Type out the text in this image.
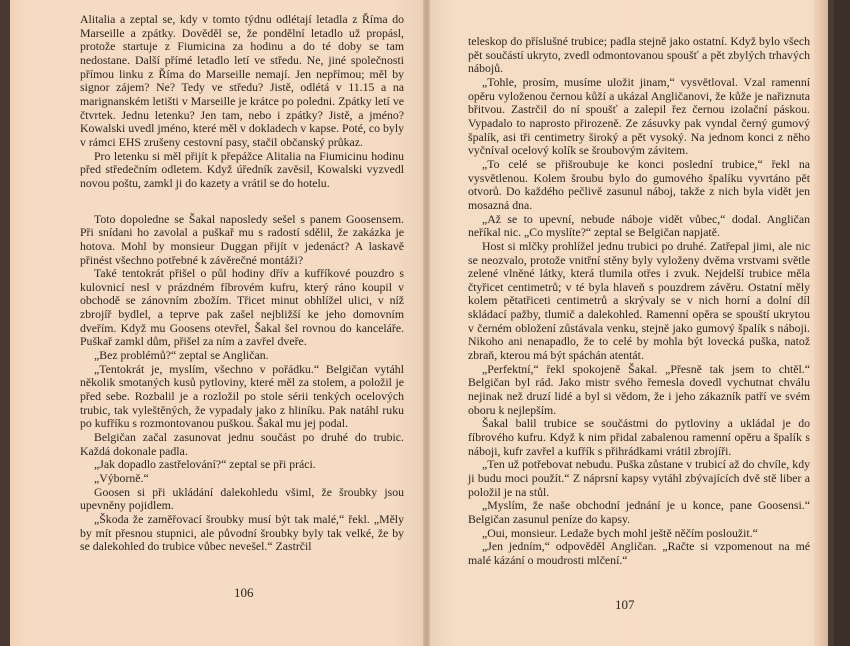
Alitalia a zeptal se, kdy v tomto týdnu odlétají letadla z Říma do Marseille a zpátky. Dověděl se, že pondělní letadlo už propásl, protože startuje z Fiumicina za hodinu a do té doby se tam nedostane. Další přímé letadlo letí ve středu. Ne, jiné společnosti přímou linku z Říma do Marseille nemají. Jen nepřímou; měl by signor zájem? Ne? Tedy ve středu? Jistě, odlétá v 11.15 a na marignanském letišti v Marseille je krátce po poledni. Zpátky letí ve čtvrtek. Jednu letenku? Jen tam, nebo i zpátky? Jistě, a jméno? Kowalski uvedl jméno, které měl v dokladech v kapse. Poté, co byly v rámci EHS zrušeny cestovní pasy, stačil občanský průkaz.

Pro letenku si měl přijít k přepážce Alitalia na Fiumicinu hodinu před středečním odletem. Když úředník zavěsil, Kowalski vyzvedl novou poštu, zamkl ji do kazety a vrátil se do hotelu.

Toto dopoledne se Šakal naposledy sešel s panem Goosensem. Při snídani ho zavolal a puškař mu s radostí sdělil, že zakázka je hotova. Mohl by monsieur Duggan přijít v jedenáct? A laskavě přinést všechno potřebné k závěrečné montáži?

Také tentokrát přišel o půl hodiny dřív a kufříkové pouzdro s kulovnicí nesl v prázdném fíbrovém kufru, který ráno koupil v obchodě se zánovním zbožím. Třicet minut obhlížel ulici, v níž zbrojíř bydlel, a teprve pak zašel nejbližší ke jeho domovním dveřím. Když mu Goosens otevřel, Šakal šel rovnou do kanceláře. Puškař zamkl dům, přišel za ním a zavřel dveře.

„Bez problémů?“ zeptal se Angličan.

„Tentokrát je, myslím, všechno v pořádku.“ Belgičan vytáhl několik smotaných kusů pytloviny, které měl za stolem, a položil je před sebe. Rozbalil je a rozložil po stole sérii tenkých ocelových trubic, tak vyleštěných, že vypadaly jako z hliníku. Pak natáhl ruku po kufříku s rozmontovanou puškou. Šakal mu jej podal.

Belgičan začal zasunovat jednu součást po druhé do trubic. Každá dokonale padla.

„Jak dopadlo zastřelování?“ zeptal se při práci.

„Výborně.“

Goosen si při ukládání dalekohledu všiml, že šroubky jsou upevněny pojidlem.

„Škoda že zaměřovací šroubky musí být tak malé,“ řekl. „Měly by mít přesnou stupnici, ale původní šroubky byly tak velké, že by se dalekohled do trubice vůbec nevešel.“ Zastrčil

106

teleskop do příslušné trubice; padla stejně jako ostatní. Když bylo všech pět součástí ukryto, zvedl odmontovanou spoušť a pět zbylých trhavých nábojů.

„Tohle, prosím, musíme uložit jinam,“ vysvětloval. Vzal ramenní opěru vyloženou černou kůží a ukázal Angličanovi, že kůže je nařiznuta břitvou. Zastrčil do ní spoušť a zalepil řez černou izolační páskou. Vypadalo to naprosto přirozeně. Ze zásuvky pak vyndal černý gumový špalík, asi tři centimetry široký a pět vysoký. Na jednom konci z něho vyčníval ocelový kolík se šroubovým závitem.

„To celé se přišroubuje ke konci poslední trubice,“ řekl na vysvětlenou. Kolem šroubu bylo do gumového špalíku vyvrtáno pět otvorů. Do každého pečlivě zasunul náboj, takže z nich byla vidět jen mosazná dna.

„Až se to upevní, nebude náboje vidět vůbec,“ dodal. Angličan neříkal nic. „Co myslíte?“ zeptal se Belgičan napjatě.

Host si mlčky prohlížel jednu trubici po druhé. Zatřepal jimi, ale nic se neozvalo, protože vnitřní stěny byly vyloženy dvěma vrstvami světle zelené vlněné látky, která tlumila otřes i zvuk. Nejdelší trubice měla čtyřicet centimetrů; v té byla hlaveň s pouzdrem závěru. Ostatní měly kolem pětatřiceti centimetrů a skrývaly se v nich horní a dolní díl skládací pažby, tlumič a dalekohled. Ramenní opěra se spouští ukrytou v černém obložení zůstávala venku, stejně jako gumový špalík s náboji. Nikoho ani nenapadlo, že to celé by mohla být lovecká puška, natož zbraň, kterou má být spáchán atentát.

„Perfektní,“ řekl spokojeně Šakal. „Přesně tak jsem to chtěl.“ Belgičan byl rád. Jako mistr svého řemesla dovedl vychutnat chválu nejinak než druzí lidé a byl si vědom, že i jeho zákazník patří ve svém oboru k nejlepším.

Šakal balil trubice se součástmi do pytloviny a ukládal je do fíbrového kufru. Když k nim přidal zabalenou ramenní opěru a špalík s náboji, kufr zavřel a kufřík s přihrádkami vrátil zbrojíři.

„Ten už potřebovat nebudu. Puška zůstane v trubicí až do chvíle, kdy ji budu moci použít.“ Z náprsní kapsy vytáhl zbývajících dvě stě liber a položil je na stůl.

„Myslím, že naše obchodní jednání je u konce, pane Goosensi.“ Belgičan zasunul peníze do kapsy.

„Oui, monsieur. Ledaže bych mohl ještě něčím posloužit.“

„Jen jedním,“ odpověděl Angličan. „Račte si vzpomenout na mé malé kázání o moudrosti mlčení.“

107
